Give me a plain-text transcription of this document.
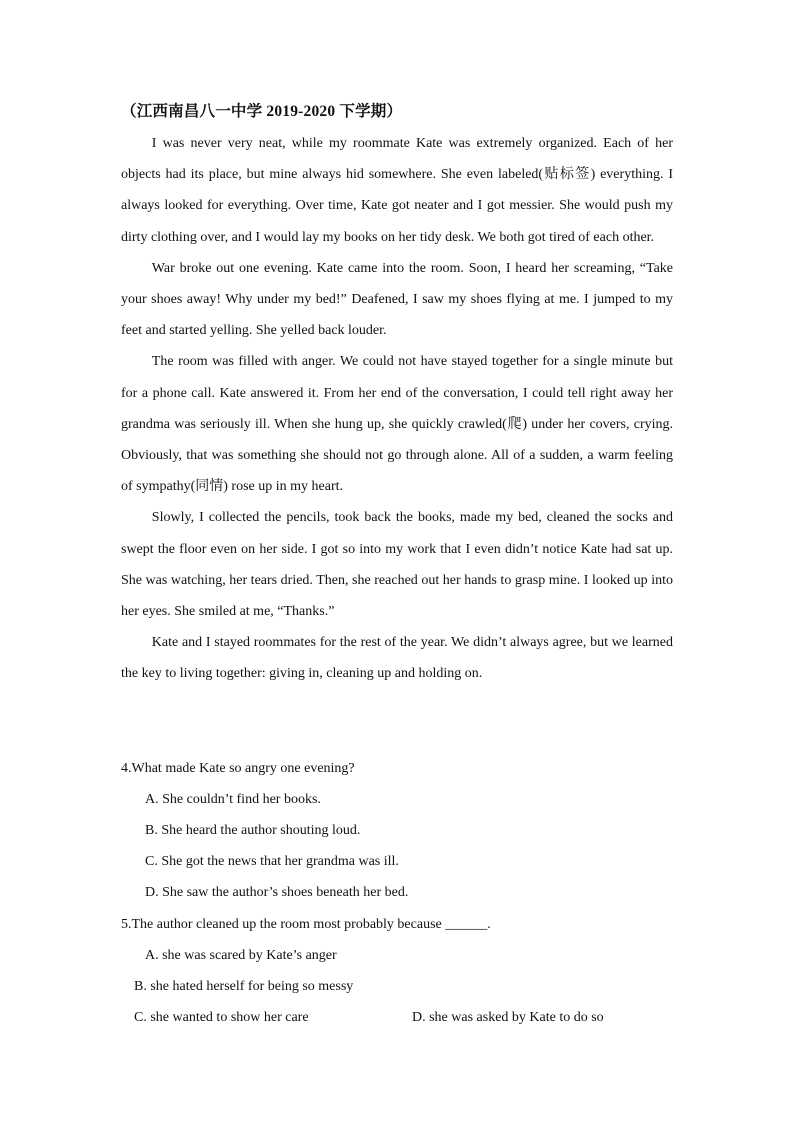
（江西南昌八一中学 2019-2020 下学期）

I was never very neat, while my roommate Kate was extremely organized. Each of her objects had its place, but mine always hid somewhere. She even labeled(贴标签) everything. I always looked for everything. Over time, Kate got neater and I got messier. She would push my dirty clothing over, and I would lay my books on her tidy desk. We both got tired of each other.

War broke out one evening. Kate came into the room. Soon, I heard her screaming, “Take your shoes away! Why under my bed!” Deafened, I saw my shoes flying at me. I jumped to my feet and started yelling. She yelled back louder.

The room was filled with anger. We could not have stayed together for a single minute but for a phone call. Kate answered it. From her end of the conversation, I could tell right away her grandma was seriously ill. When she hung up, she quickly crawled(爬) under her covers, crying. Obviously, that was something she should not go through alone. All of a sudden, a warm feeling of sympathy(同情) rose up in my heart.

Slowly, I collected the pencils, took back the books, made my bed, cleaned the socks and swept the floor even on her side. I got so into my work that I even didn’t notice Kate had sat up. She was watching, her tears dried. Then, she reached out her hands to grasp mine. I looked up into her eyes. She smiled at me, “Thanks.”

Kate and I stayed roommates for the rest of the year. We didn’t always agree, but we learned the key to living together: giving in, cleaning up and holding on.

4.What made Kate so angry one evening?
A. She couldn’t find her books.
B. She heard the author shouting loud.
C. She got the news that her grandma was ill.
D. She saw the author’s shoes beneath her bed.
5.The author cleaned up the room most probably because ______.
A. she was scared by Kate’s anger
B. she hated herself for being so messy
C. she wanted to show her care	D. she was asked by Kate to do so
